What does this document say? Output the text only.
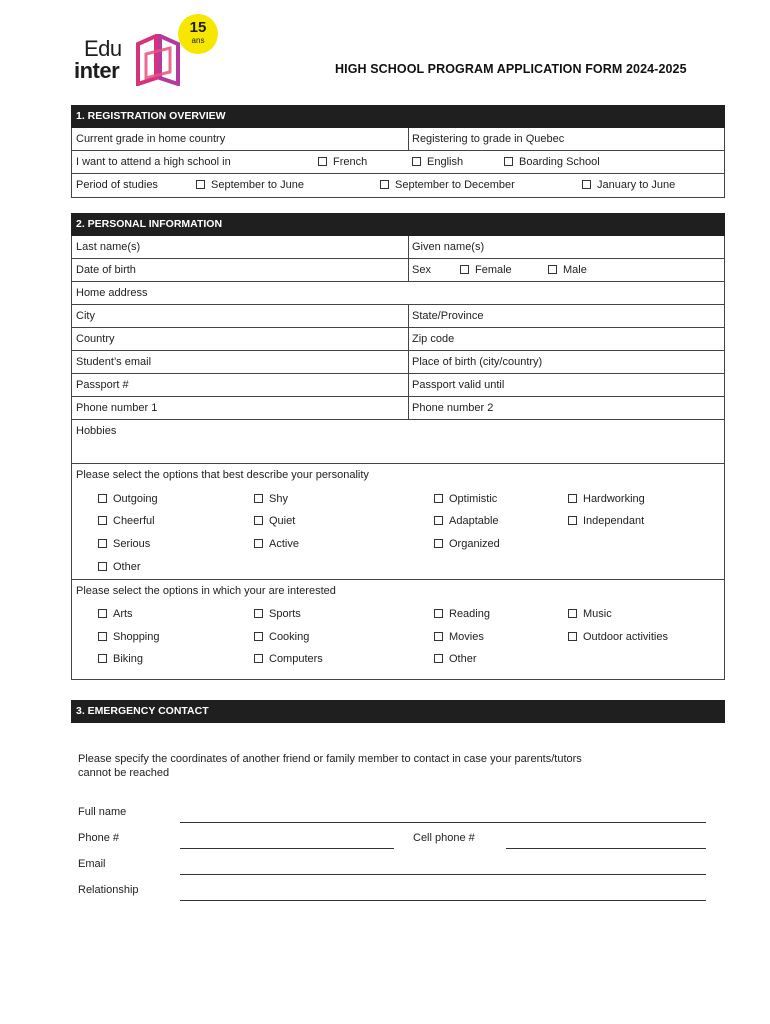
Edu
inter
15
ans
HIGH SCHOOL PROGRAM APPLICATION FORM 2024-2025
1. REGISTRATION OVERVIEW
Current grade in home country	Registering to grade in Quebec
I want to attend a high school in	French	English	Boarding School
Period of studies	September to June	September to December	January to June
2. PERSONAL INFORMATION
Last name(s)	Given name(s)
Date of birth	Sex	Female	Male
Home address
City	State/Province
Country	Zip code
Student’s email	Place of birth (city/country)
Passport #	Passport valid until
Phone number 1	Phone number 2
Hobbies
Please select the options that best describe your personality
Outgoing	Shy	Optimistic	Hardworking
Cheerful	Quiet	Adaptable	Independant
Serious	Active	Organized
Other
Please select the options in which your are interested
Arts	Sports	Reading	Music
Shopping	Cooking	Movies	Outdoor activities
Biking	Computers	Other
3. EMERGENCY CONTACT
Please specify the coordinates of another friend or family member to contact in case your parents/tutors
cannot be reached
Full name
Phone #	Cell phone #
Email
Relationship
